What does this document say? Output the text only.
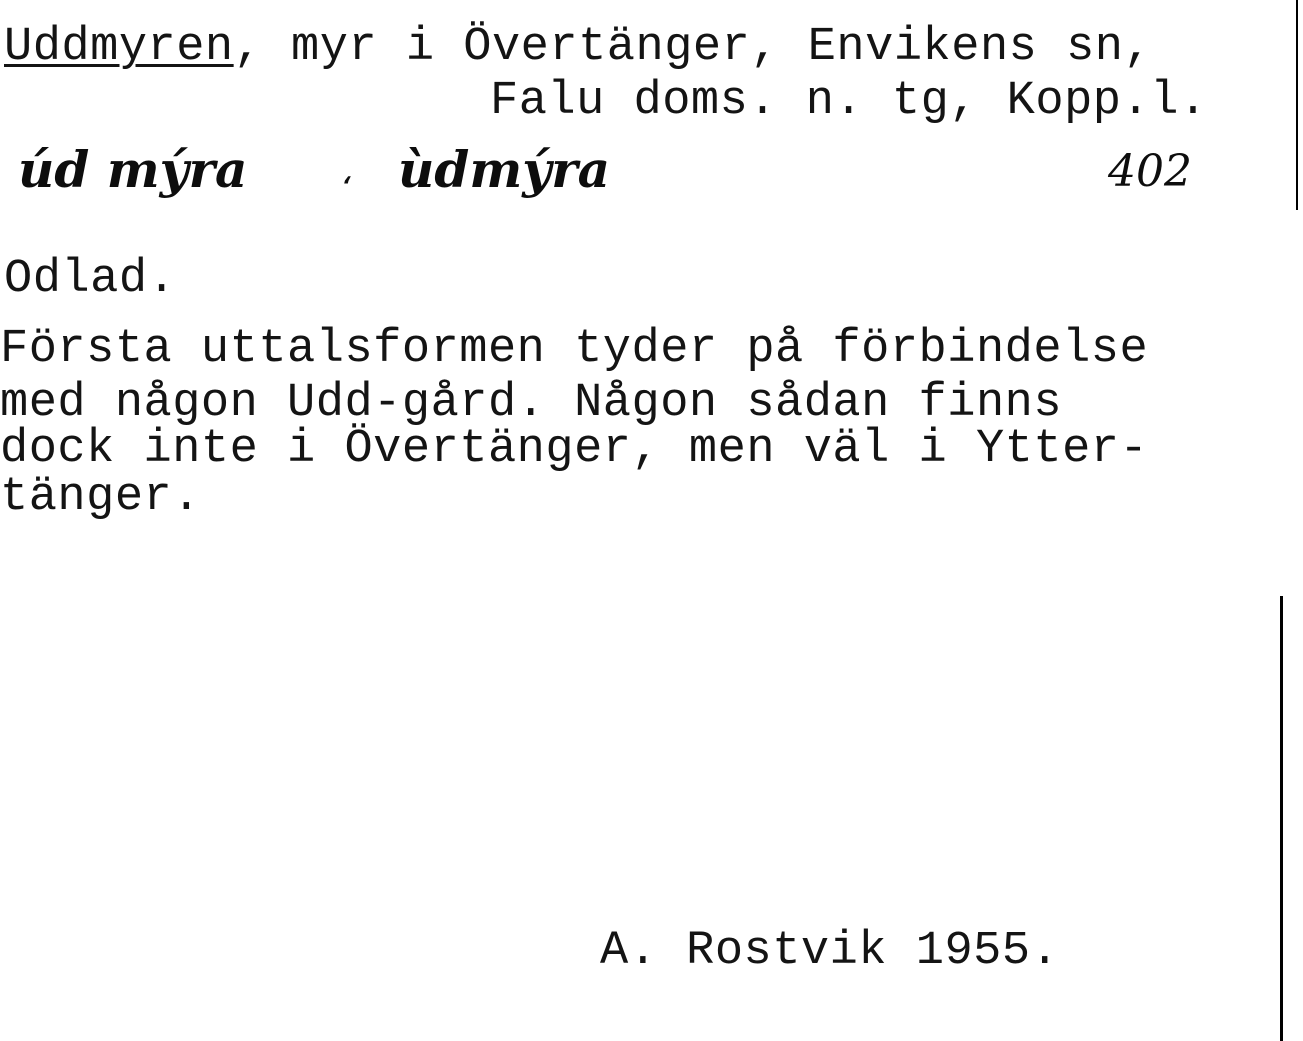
Uddmyren, myr i Övertänger, Envikens sn,
Falu doms. n. tg, Kopp.l.
úd mýra	، ùdmýra	402
Odlad.
Första uttalsformen tyder på förbindelse
med någon Udd-gård. Någon sådan finns
dock inte i Övertänger, men väl i Ytter-
tänger.
A. Rostvik 1955.
